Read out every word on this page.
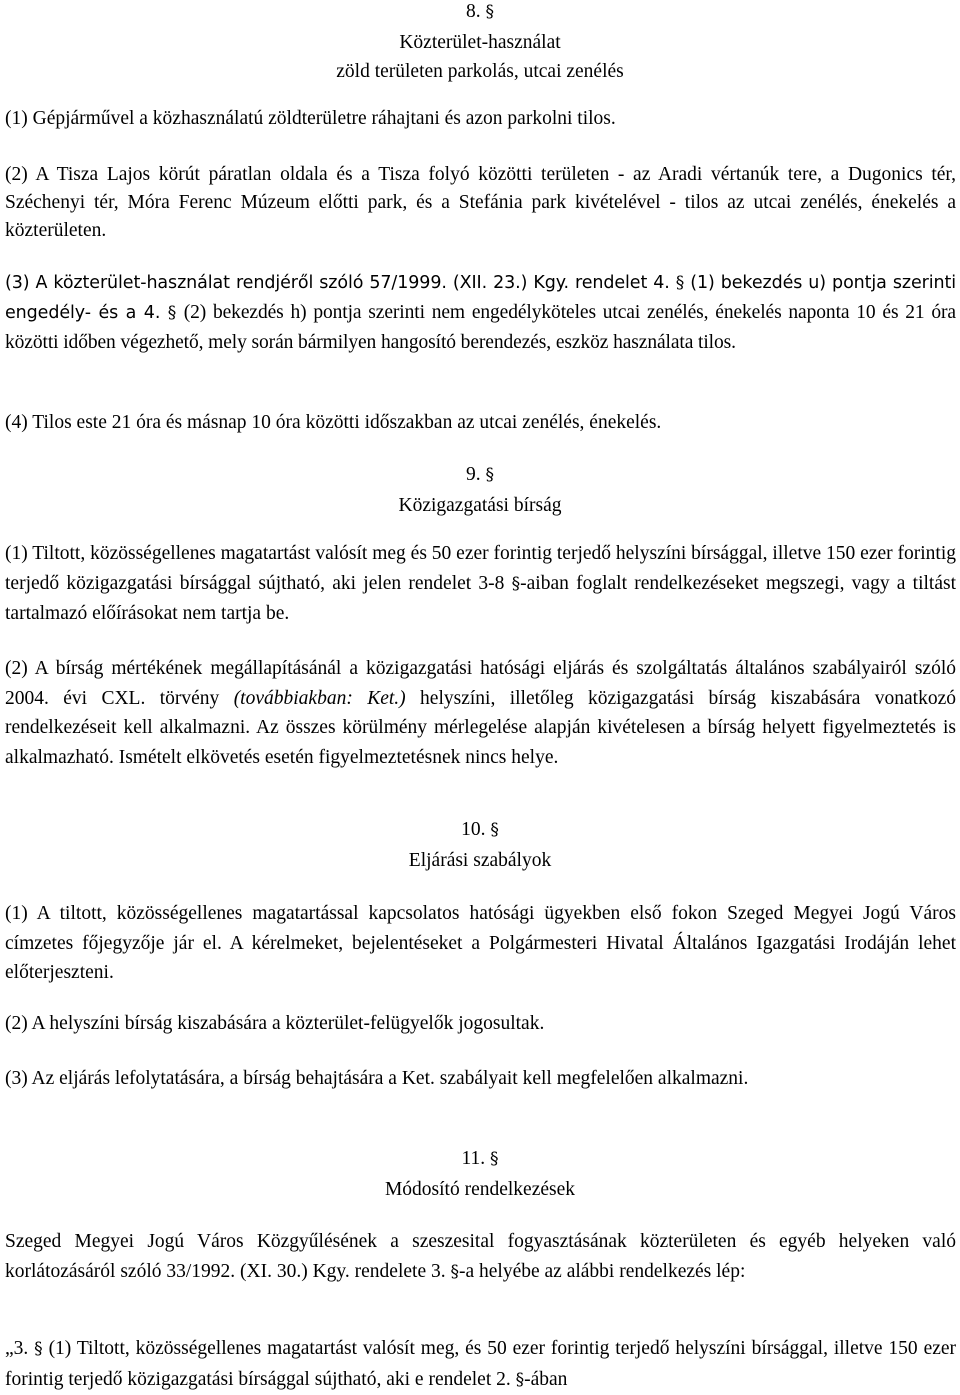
8. §
Közterület-használat
zöld területen parkolás, utcai zenélés

(1) Gépjárművel a közhasználatú zöldterületre ráhajtani és azon parkolni tilos.

(2) A Tisza Lajos körút páratlan oldala és a Tisza folyó közötti területen - az Aradi vértanúk tere, a Dugonics tér, Széchenyi tér, Móra Ferenc Múzeum előtti park, és a Stefánia park kivételével - tilos az utcai zenélés, énekelés a közterületen.

(3) A közterület-használat rendjéről szóló 57/1999. (XII. 23.) Kgy. rendelet 4. § (1) bekezdés u) pontja szerinti engedély- és a 4. § (2) bekezdés h) pontja szerinti nem engedélyköteles utcai zenélés, énekelés naponta 10 és 21 óra közötti időben végezhető, mely során bármilyen hangosító berendezés, eszköz használata tilos.

(4) Tilos este 21 óra és másnap 10 óra közötti időszakban az utcai zenélés, énekelés.

9. §
Közigazgatási bírság

(1) Tiltott, közösségellenes magatartást valósít meg és 50 ezer forintig terjedő helyszíni bírsággal, illetve 150 ezer forintig terjedő közigazgatási bírsággal sújtható, aki jelen rendelet 3-8 §-aiban foglalt rendelkezéseket megszegi, vagy a tiltást tartalmazó előírásokat nem tartja be.

(2) A bírság mértékének megállapításánál a közigazgatási hatósági eljárás és szolgáltatás általános szabályairól szóló 2004. évi CXL. törvény (továbbiakban: Ket.) helyszíni, illetőleg közigazgatási bírság kiszabására vonatkozó rendelkezéseit kell alkalmazni. Az összes körülmény mérlegelése alapján kivételesen a bírság helyett figyelmeztetés is alkalmazható. Ismételt elkövetés esetén figyelmeztetésnek nincs helye.

10. §
Eljárási szabályok

(1) A tiltott, közösségellenes magatartással kapcsolatos hatósági ügyekben első fokon Szeged Megyei Jogú Város címzetes főjegyzője jár el. A kérelmeket, bejelentéseket a Polgármesteri Hivatal Általános Igazgatási Irodáján lehet előterjeszteni.

(2) A helyszíni bírság kiszabására a közterület-felügyelők jogosultak.

(3) Az eljárás lefolytatására, a bírság behajtására a Ket. szabályait kell megfelelően alkalmazni.

11. §
Módosító rendelkezések

Szeged Megyei Jogú Város Közgyűlésének a szeszesital fogyasztásának közterületen és egyéb helyeken való korlátozásáról szóló 33/1992. (XI. 30.) Kgy. rendelete 3. §-a helyébe az alábbi rendelkezés lép:

„3. § (1) Tiltott, közösségellenes magatartást valósít meg, és 50 ezer forintig terjedő helyszíni bírsággal, illetve 150 ezer forintig terjedő közigazgatási bírsággal sújtható, aki e rendelet 2. §-ában
